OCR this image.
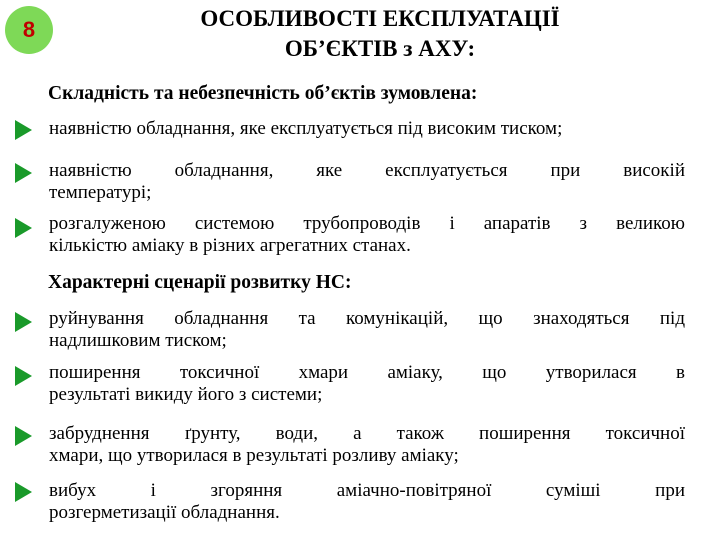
8	ОСОБЛИВОСТІ ЕКСПЛУАТАЦІЇ
ОБ’ЄКТІВ з АХУ:
Складність та небезпечність об’єктів зумовлена:
наявністю обладнання, яке експлуатується під високим тиском;
наявністю обладнання, яке експлуатується при високій
температурі;
розгалуженою системою трубопроводів і апаратів з великою
кількістю аміаку в різних агрегатних станах.
Характерні сценарії розвитку НС:
руйнування обладнання та комунікацій, що знаходяться під
надлишковим тиском;
поширення токсичної хмари аміаку, що утворилася в
результаті викиду його з системи;
забруднення ґрунту, води, а також поширення токсичної
хмари, що утворилася в результаті розливу аміаку;
вибух і згоряння аміачно-повітряної суміші при
розгерметизації обладнання.
